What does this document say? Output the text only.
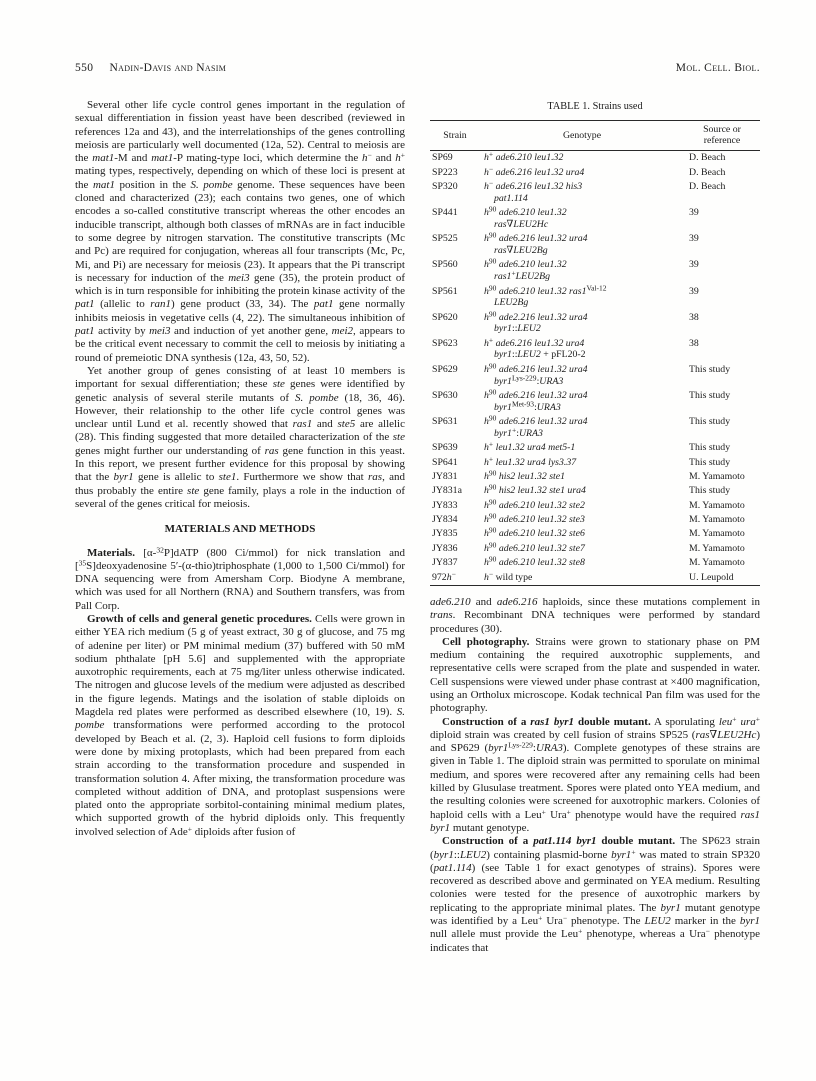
550 Nadin-Davis and Nasim	Mol. Cell. Biol.

Several other life cycle control genes important in the regulation of sexual differentiation in fission yeast have been described (reviewed in references 12a and 43), and the interrelationships of the genes controlling meiosis are particularly well documented (12a, 52). Central to meiosis are the mat1-M and mat1-P mating-type loci, which determine the h− and h+ mating types, respectively, depending on which of these loci is present at the mat1 position in the S. pombe genome. These sequences have been cloned and characterized (23); each contains two genes, one of which encodes a so-called constitutive transcript whereas the other encodes an inducible transcript, although both classes of mRNAs are in fact inducible to some degree by nitrogen starvation. The constitutive transcripts (Mc and Pc) are required for conjugation, whereas all four transcripts (Mc, Pc, Mi, and Pi) are necessary for meiosis (23). It appears that the Pi transcript is necessary for induction of the mei3 gene (35), the protein product of which is in turn responsible for inhibiting the protein kinase activity of the pat1 (allelic to ran1) gene product (33, 34). The pat1 gene normally inhibits meiosis in vegetative cells (4, 22). The simultaneous inhibition of pat1 activity by mei3 and induction of yet another gene, mei2, appears to be the critical event necessary to commit the cell to meiosis by initiating a round of premeiotic DNA synthesis (12a, 43, 50, 52).

Yet another group of genes consisting of at least 10 members is important for sexual differentiation; these ste genes were identified by genetic analysis of several sterile mutants of S. pombe (18, 36, 46). However, their relationship to the other life cycle control genes was unclear until Lund et al. recently showed that ras1 and ste5 are allelic (28). This finding suggested that more detailed characterization of the ste genes might further our understanding of ras gene function in this yeast. In this report, we present further evidence for this proposal by showing that the byr1 gene is allelic to ste1. Furthermore we show that ras, and thus probably the entire ste gene family, plays a role in the induction of several of the genes critical for meiosis.

MATERIALS AND METHODS

Materials. [α-$^{32}$P]dATP (800 Ci/mmol) for nick translation and [$^{35}$S]deoxyadenosine 5′-(α-thio)triphosphate (1,000 to 1,500 Ci/mmol) for DNA sequencing were from Amersham Corp. Biodyne A membrane, which was used for all Northern (RNA) and Southern transfers, was from Pall Corp.

Growth of cells and general genetic procedures. Cells were grown in either YEA rich medium (5 g of yeast extract, 30 g of glucose, and 75 mg of adenine per liter) or PM minimal medium (37) buffered with 50 mM sodium phthalate [pH 5.6] and supplemented with the appropriate auxotrophic requirements, each at 75 mg/liter unless otherwise indicated. The nitrogen and glucose levels of the medium were adjusted as described in the figure legends. Matings and the isolation of stable diploids on Magdela red plates were performed as described elsewhere (10, 19). S. pombe transformations were performed according to the protocol developed by Beach et al. (2, 3). Haploid cell fusions to form diploids were done by mixing protoplasts, which had been prepared from each strain according to the transformation procedure and suspended in transformation solution 4. After mixing, the transformation procedure was completed without addition of DNA, and protoplast suspensions were plated onto the appropriate sorbitol-containing minimal medium plates, which supported growth of the hybrid diploids only. This frequently involved selection of Ade+ diploids after fusion of

TABLE 1. Strains used
Strain	Genotype	Source or reference
SP69	h+ ade6.210 leu1.32	D. Beach
SP223	h− ade6.216 leu1.32 ura4	D. Beach
SP320	h− ade6.216 leu1.32 his3
pat1.114	D. Beach
SP441	$h^{90}$ ade6.210 leu1.32
ras∇LEU2Hc	39
SP525	$h^{90}$ ade6.216 leu1.32 ura4
ras∇LEU2Bg	39
SP560	$h^{90}$ ade6.210 leu1.32
ras1+LEU2Bg	39
SP561	$h^{90}$ ade6.210 leu1.32 $ras1^{Val-12}$
LEU2Bg	39
SP620	$h^{90}$ ade2.216 leu1.32 ura4
byr1::LEU2	38
SP623	h+ ade6.216 leu1.32 ura4
byr1::LEU2 + pFL20-2	38
SP629	$h^{90}$ ade6.216 leu1.32 ura4
$byr1^{Lys-229}:URA3$	This study
SP630	$h^{90}$ ade6.216 leu1.32 ura4
$byr1^{Met-93}:URA3$	This study
SP631	$h^{90}$ ade6.216 leu1.32 ura4
byr1+:URA3	This study
SP639	h+ leu1.32 ura4 met5-1	This study
SP641	h+ leu1.32 ura4 lys3.37	This study
JY831	$h^{90}$ his2 leu1.32 ste1	M. Yamamoto
JY831a	$h^{90}$ his2 leu1.32 ste1 ura4	This study
JY833	$h^{90}$ ade6.210 leu1.32 ste2	M. Yamamoto
JY834	$h^{90}$ ade6.210 leu1.32 ste3	M. Yamamoto
JY835	$h^{90}$ ade6.210 leu1.32 ste6	M. Yamamoto
JY836	$h^{90}$ ade6.210 leu1.32 ste7	M. Yamamoto
JY837	$h^{90}$ ade6.210 leu1.32 ste8	M. Yamamoto
972h−	h− wild type	U. Leupold

ade6.210 and ade6.216 haploids, since these mutations complement in trans. Recombinant DNA techniques were performed by standard procedures (30).

Cell photography. Strains were grown to stationary phase on PM medium containing the required auxotrophic supplements, and representative cells were scraped from the plate and suspended in water. Cell suspensions were viewed under phase contrast at ×400 magnification, using an Ortholux microscope. Kodak technical Pan film was used for the photography.

Construction of a ras1 byr1 double mutant. A sporulating leu+ ura+ diploid strain was created by cell fusion of strains SP525 (ras∇LEU2Hc) and SP629 $(byr1^{Lys-229}:URA3)$. Complete genotypes of these strains are given in Table 1. The diploid strain was permitted to sporulate on minimal medium, and spores were recovered after any remaining cells had been killed by Glusulase treatment. Spores were plated onto YEA medium, and the resulting colonies were screened for auxotrophic markers. Colonies of haploid cells with a Leu+ Ura+ phenotype would have the required ras1 byr1 mutant genotype.

Construction of a pat1.114 byr1 double mutant. The SP623 strain (byr1::LEU2) containing plasmid-borne byr1+ was mated to strain SP320 (pat1.114) (see Table 1 for exact genotypes of strains). Spores were recovered as described above and germinated on YEA medium. Resulting colonies were tested for the presence of auxotrophic markers by replicating to the appropriate minimal plates. The byr1 mutant genotype was identified by a Leu+ Ura− phenotype. The LEU2 marker in the byr1 null allele must provide the Leu+ phenotype, whereas a Ura− phenotype indicates that
